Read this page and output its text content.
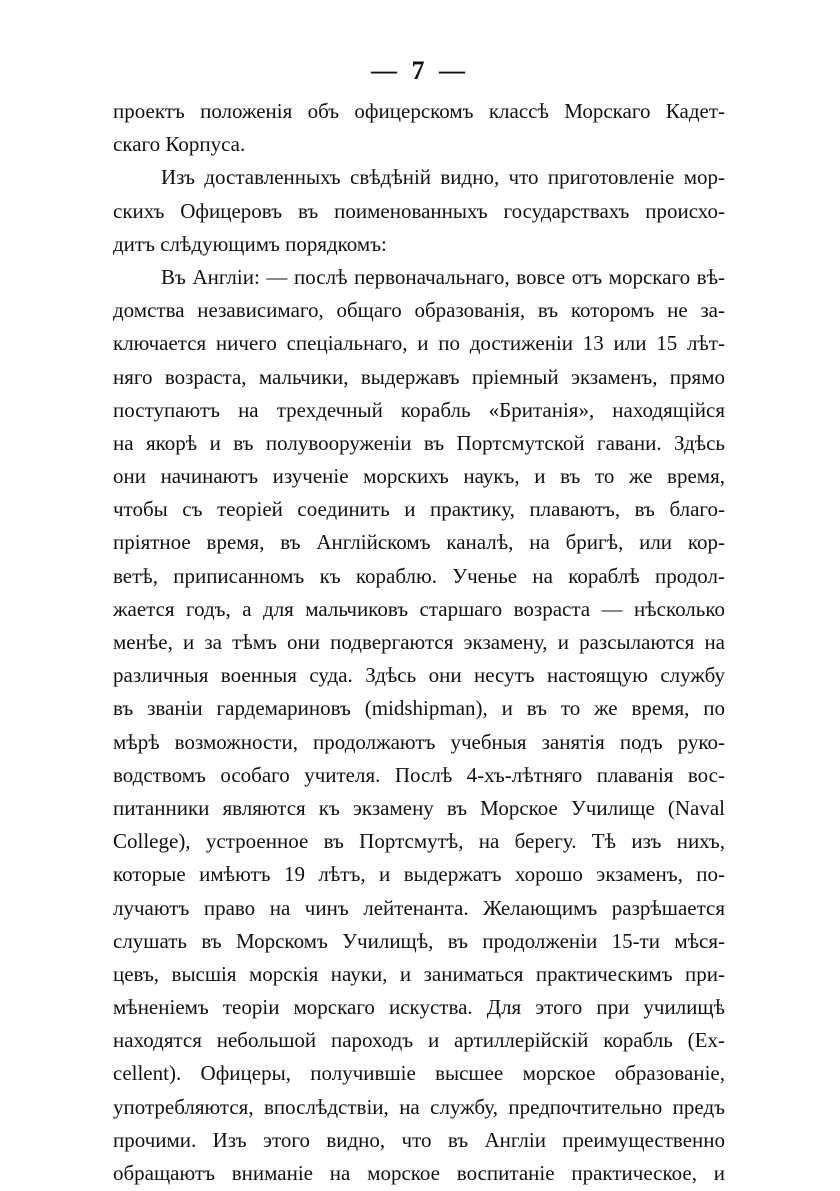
— 7 —
проектъ положенія объ офицерскомъ классѣ Морскаго Кадет-
скаго Корпуса.
Изъ доставленныхъ свѣдѣній видно, что приготовленіе мор-
скихъ Офицеровъ въ поименованныхъ государствахъ происхо-
дитъ слѣдующимъ порядкомъ:
Въ Англіи: — послѣ первоначальнаго, вовсе отъ морскаго вѣ-
домства независимаго, общаго образованія, въ которомъ не за-
ключается ничего спеціальнаго, и по достиженіи 13 или 15 лѣт-
няго возраста, мальчики, выдержавъ пріемный экзаменъ, прямо
поступаютъ на трехдечный корабль «Британія», находящійся
на якорѣ и въ полувооруженіи въ Портсмутской гавани. Здѣсь
они начинаютъ изученіе морскихъ наукъ, и въ то же время,
чтобы съ теоріей соединить и практику, плаваютъ, въ благо-
пріятное время, въ Англійскомъ каналѣ, на бригѣ, или кор-
ветѣ, приписанномъ къ кораблю. Ученье на кораблѣ продол-
жается годъ, а для мальчиковъ старшаго возраста — нѣсколько
менѣе, и за тѣмъ они подвергаются экзамену, и разсылаются на
различныя военныя суда. Здѣсь они несутъ настоящую службу
въ званіи гардемариновъ (midshipman), и въ то же время, по
мѣрѣ возможности, продолжаютъ учебныя занятія подъ руко-
водствомъ особаго учителя. Послѣ 4-хъ-лѣтняго плаванія вос-
питанники являются къ экзамену въ Морское Училище (Naval
College), устроенное въ Портсмутѣ, на берегу. Тѣ изъ нихъ,
которые имѣютъ 19 лѣтъ, и выдержатъ хорошо экзаменъ, по-
лучаютъ право на чинъ лейтенанта. Желающимъ разрѣшается
слушать въ Морскомъ Училищѣ, въ продолженіи 15-ти мѣся-
цевъ, высшія морскія науки, и заниматься практическимъ при-
мѣненіемъ теоріи морскаго искуства. Для этого при училищѣ
находятся небольшой пароходъ и артиллерійскій корабль (Ex-
cellent). Офицеры, получившіе высшее морское образованіе,
употребляются, впослѣдствіи, на службу, предпочтительно предъ
прочими. Изъ этого видно, что въ Англіи преимущественно
обращаютъ вниманіе на морское воспитаніе практическое, и
